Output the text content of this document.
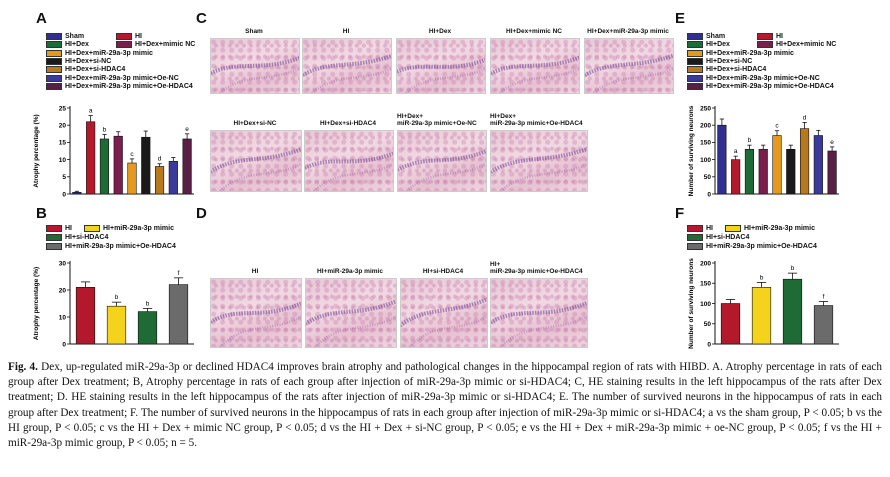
A
B
C
D
E
F
Sham	HI
HI+Dex	HI+Dex+mimic NC
HI+Dex+miR-29a-3p mimic
HI+Dex+si-NC
HI+Dex+si-HDAC4
HI+Dex+miR-29a-3p mimic+Oe-NC
HI+Dex+miR-29a-3p mimic+Oe-HDAC4
HI	HI+miR-29a-3p mimic
HI+si-HDAC4
HI+miR-29a-3p mimic+Oe-HDAC4
Sham	HI
HI+Dex	HI+Dex+mimic NC
HI+Dex+miR-29a-3p mimic
HI+Dex+si-NC
HI+Dex+si-HDAC4
HI+Dex+miR-29a-3p mimic+Oe-NC
HI+Dex+miR-29a-3p mimic+Oe-HDAC4
HI	HI+miR-29a-3p mimic
HI+si-HDAC4
HI+miR-29a-3p mimic+Oe-HDAC4
Atrophy percentage (%)
0
5
10
15
20
25	a
b
c
d
e
Atrophy percentage (%)
0
10
20
30
b
b
f
Number of surviving neurons 0
50
100
150
200
250
a
b
c
d
e
Number of surviving neurons 0
50
100
150
200
b
b
f
Sham	HI	HI+Dex	HI+Dex+mimic NC	HI+Dex+miR-29a-3p mimic
HI+Dex+si-NC	HI+Dex+si-HDAC4
HI+Dex+
miR-29a-3p mimic+Oe-NC
HI+Dex+
miR-29a-3p mimic+Oe-HDAC4
HI	HI+miR-29a-3p mimic	HI+si-HDAC4
HI+
miR-29a-3p mimic+Oe-HDAC4
Fig. 4. Dex, up-regulated miR-29a-3p or declined HDAC4 improves brain atrophy and pathological changes in the hippocampal region of rats with HIBD. A. Atrophy percentage in rats of each group after Dex treatment; B, Atrophy percentage in rats of each group after injection of miR-29a-3p mimic or si-HDAC4; C, HE staining results in the left hippocampus of the rats after Dex treatment; D. HE staining results in the left hippocampus of the rats after injection of miR-29a-3p mimic or si-HDAC4; E. The number of survived neurons in the hippocampus of rats in each group after Dex treatment; F. The number of survived neurons in the hippocampus of rats in each group after injection of miR-29a-3p mimic or si-HDAC4; a vs the sham group, P < 0.05; b vs the HI group, P < 0.05; c vs the HI + Dex + mimic NC group, P < 0.05; d vs the HI + Dex + si-NC group, P < 0.05; e vs the HI + Dex + miR-29a-3p mimic + oe-NC group, P < 0.05; f vs the HI + miR-29a-3p mimic group, P < 0.05; n = 5.
